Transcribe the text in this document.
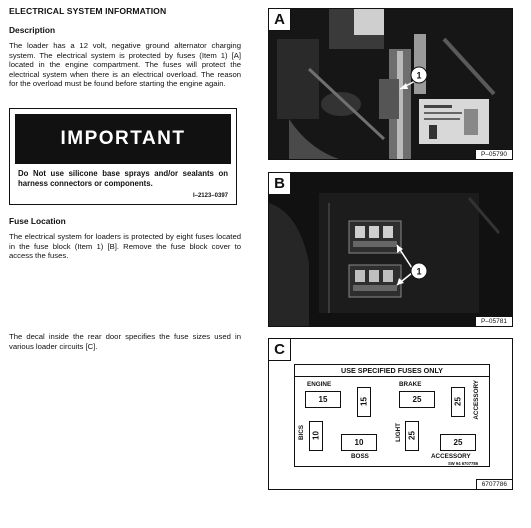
ELECTRICAL SYSTEM INFORMATION
Description
The loader has a 12 volt, negative ground alternator charging system. The electrical system is protected by fuses (Item 1) [A] located in the engine compartment. The fuses will protect the electrical system when there is an electrical overload. The reason for the overload must be found before starting the engine again.
IMPORTANT
Do Not use silicone base sprays and/or sealants on harness connectors or components.
I–2123–0397
Fuse Location
The electrical system for loaders is protected by eight fuses located in the fuse block (Item 1) [B]. Remove the fuse block cover to access the fuses.
The decal inside the rear door specifies the fuse sizes used in various loader circuits [C].
1
A
P–05790
1
B
P–05781
C
USE SPECIFIED FUSES ONLY
ENGINE
15	15
BRAKE
25	25	ACCESSORY
BICS 10
10
BOSS
LIGHT 25
25
ACCESSORY
SW 94 6707786
6707786
